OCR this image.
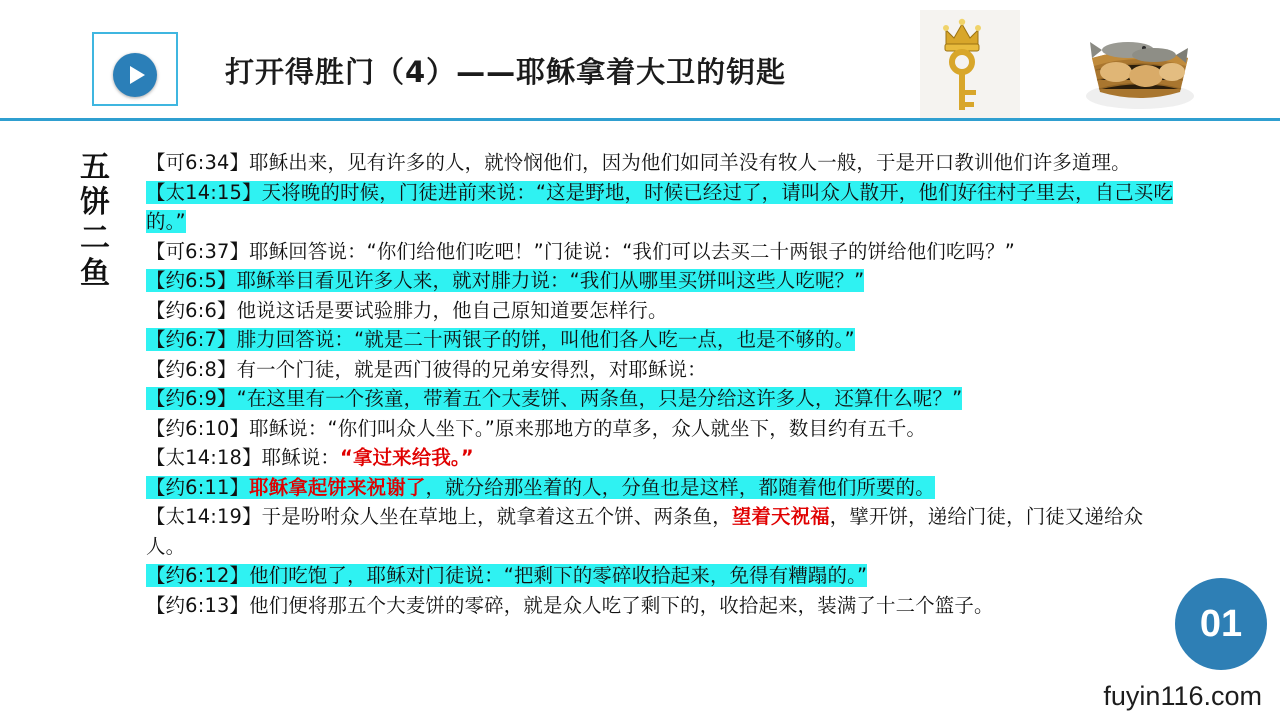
打开得胜门（4）——耶稣拿着大卫的钥匙
五饼二鱼

【可6:34】耶稣出来，见有许多的人，就怜悯他们，因为他们如同羊没有牧人一般，于是开口教训他们许多道理。

【太14:15】天将晚的时候，门徒进前来说：“这是野地，时候已经过了，请叫众人散开，他们好往村子里去，自己买吃的。”

【可6:37】耶稣回答说：“你们给他们吃吧！”门徒说：“我们可以去买二十两银子的饼给他们吃吗？”

【约6:5】耶稣举目看见许多人来，就对腓力说：“我们从哪里买饼叫这些人吃呢？”

【约6:6】他说这话是要试验腓力，他自己原知道要怎样行。

【约6:7】腓力回答说：“就是二十两银子的饼，叫他们各人吃一点，也是不够的。”

【约6:8】有一个门徒，就是西门彼得的兄弟安得烈，对耶稣说：

【约6:9】“在这里有一个孩童，带着五个大麦饼、两条鱼，只是分给这许多人，还算什么呢？”

【约6:10】耶稣说：“你们叫众人坐下。”原来那地方的草多，众人就坐下，数目约有五千。

【太14:18】耶稣说：“拿过来给我。”

【约6:11】耶稣拿起饼来祝谢了，就分给那坐着的人，分鱼也是这样，都随着他们所要的。

【太14:19】于是吩咐众人坐在草地上，就拿着这五个饼、两条鱼，望着天祝福，擘开饼，递给门徒，门徒又递给众人。

【约6:12】他们吃饱了，耶稣对门徒说：“把剩下的零碎收拾起来，免得有糟蹋的。”

【约6:13】他们便将那五个大麦饼的零碎，就是众人吃了剩下的，收拾起来，装满了十二个篮子。	01
fuyin116.com
